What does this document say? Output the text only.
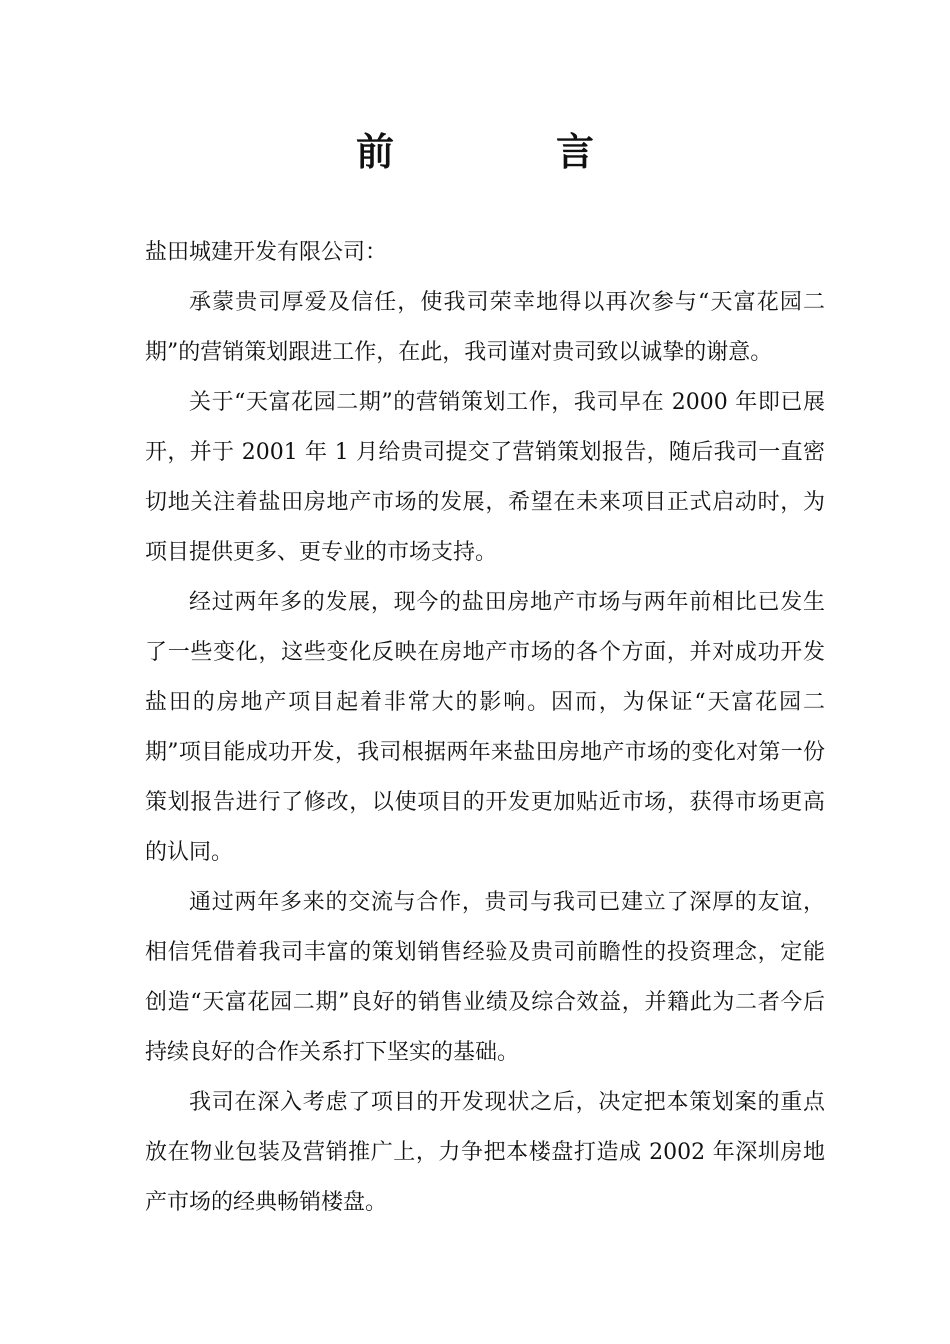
前　言
盐田城建开发有限公司：

承蒙贵司厚爱及信任，使我司荣幸地得以再次参与“天富花园二期”的营销策划跟进工作，在此，我司谨对贵司致以诚挚的谢意。

关于“天富花园二期”的营销策划工作，我司早在 2000 年即已展开，并于 2001 年 1 月给贵司提交了营销策划报告，随后我司一直密切地关注着盐田房地产市场的发展，希望在未来项目正式启动时，为项目提供更多、更专业的市场支持。

经过两年多的发展，现今的盐田房地产市场与两年前相比已发生了一些变化，这些变化反映在房地产市场的各个方面，并对成功开发盐田的房地产项目起着非常大的影响。因而，为保证“天富花园二期”项目能成功开发，我司根据两年来盐田房地产市场的变化对第一份策划报告进行了修改，以使项目的开发更加贴近市场，获得市场更高的认同。

通过两年多来的交流与合作，贵司与我司已建立了深厚的友谊，相信凭借着我司丰富的策划销售经验及贵司前瞻性的投资理念，定能创造“天富花园二期”良好的销售业绩及综合效益，并籍此为二者今后持续良好的合作关系打下坚实的基础。

我司在深入考虑了项目的开发现状之后，决定把本策划案的重点放在物业包装及营销推广上，力争把本楼盘打造成 2002 年深圳房地产市场的经典畅销楼盘。
